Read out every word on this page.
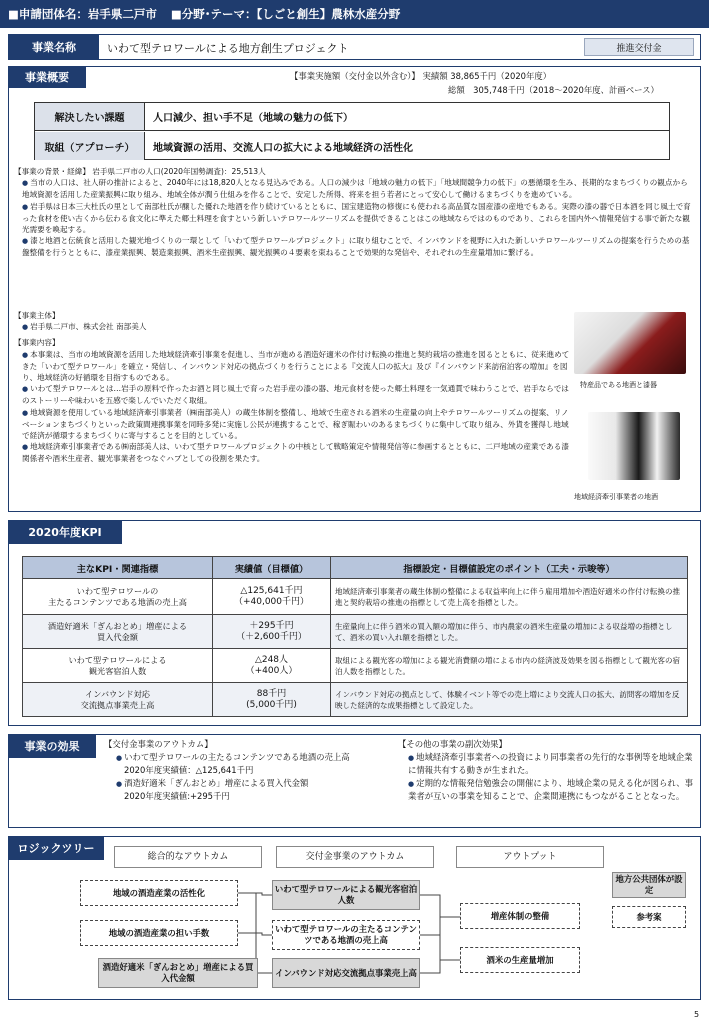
■申請団体名：岩手県二戸市 ■分野･テーマ：【しごと創生】農林水産分野
事業名称	いわて型テロワールによる地方創生プロジェクト	推進交付金
事業概要	【事業実施額（交付金以外含む）】 実績額 38,865千円（2020年度）
総額　305,748千円（2018～2020年度、計画ベース）
解決したい課題	人口減少、担い手不足（地域の魅力の低下）
取組（アプローチ）	地域資源の活用、交流人口の拡大による地域経済の活性化
【事業の背景・経緯】 岩手県二戸市の人口(2020年国勢調査)：25,513人
● 当市の人口は、社人研の推計によると、2040年には18,820人となる見込みである。人口の減少は「地域の魅力の低下」「地域間競争力の低下」の悪循環を生み、長期的なまちづくりの観点から地域資源を活用した産業振興に取り組み、地域全体が潤う仕組みを作ることで、安定した所得、将来を担う若者にとって安心して働けるまちづくりを進めている。
● 岩手県は日本三大杜氏の里として南部杜氏が醸した優れた地酒を作り続けているとともに、国宝建造物の修復にも使われる高品質な国産漆の産地でもある。実際の漆の器で日本酒を同じ風土で育った食材を使い古くから伝わる食文化に準えた郷土料理を食すという新しいテロワールツーリズムを提供できることはこの地域ならではのものであり、これらを国内外へ情報発信する事で新たな観光需要を喚起する。
● 漆と地酒と伝統食と活用した観光地づくりの一環として「いわて型テロワールプロジェクト」に取り組むことで、インバウンドを視野に入れた新しいテロワールツーリズムの提案を行うための基盤整備を行うとともに、漆産業振興、製造業振興、酒米生産振興、観光振興の４要素を束ねることで効果的な発信や、それぞれの生産量増加に繋げる。
【事業主体】
● 岩手県二戸市、株式会社 南部美人
【事業内容】
● 本事業は、当市の地域資源を活用した地域経済牽引事業を促進し、当市が進める酒造好適米の作付け転換の推進と契約栽培の推進を図るとともに、従来進めてきた「いわて型テロワール」を確立・発信し、インバウンド対応の拠点づくりを行うことによる『交流人口の拡大』及び『インバウンド来訪宿泊客の増加』を図り、地域経済の好循環を目指すものである。
● いわて型テロワールとは…岩手の原料で作ったお酒と同じ風土で育った岩手産の漆の器、地元食材を使った郷土料理を一気通貫で味わうことで、岩手ならではのストーリーや味わいを五感で楽しんでいただく取組。
● 地域資源を使用している地域経済牽引事業者（㈱南部美人）の蔵生体制を整備し、地域で生産される酒米の生産量の向上やテロワールツーリズムの提案、リノベーションまちづくりといった政策間連携事業を同時多発に実施し公民が連携することで、稼ぎ賑わいのあるまちづくりに集中して取り組み、外貨を獲得し地域で経済が循環するまちづくりに寄与することを目的としている。
● 地域経済牽引事業者である㈱南部美人は、いわて型テロワールプロジェクトの中核として戦略策定や情報発信等に参画するとともに、二戸地域の産業である漆関係者や酒米生産者、観光事業者をつなぐハブとしての役割を果たす。
特産品である地酒と漆器
地域経済牽引事業者の地酒
2020年度KPI
主なKPI・関連指標	実績値（目標値）	指標設定・目標値設定のポイント（工夫・示唆等）
いわて型テロワールの
主たるコンテンツである地酒の売上高	△125,641千円
（+40,000千円）	地域経済牽引事業者の蔵生体制の整備による収益率向上に伴う雇用増加や酒造好適米の作付け転換の推進と契約栽培の推進の指標として売上高を指標とした。
酒造好適米「ぎんおとめ」増産による
買入代金額	＋295千円
（＋2,600千円）	生産量向上に伴う酒米の買入額の増加に伴う、市内農家の酒米生産量の増加による収益増の指標として、酒米の買い入れ額を指標とした。
いわて型テロワールによる
観光客宿泊人数	△248人
（+400人）	取組による観光客の増加による観光消費額の増による市内の経済波及効果を図る指標として観光客の宿泊人数を指標とした。
インバウンド対応
交流拠点事業売上高	88千円
(5,000千円)	インバウンド対応の拠点として、体験イベント等での売上増により交流人口の拡大、訪問客の増加を反映した経済的な成果指標として設定した。
事業の効果	【交付金事業のアウトカム】
● いわて型テロワールの主たるコンテンツである地酒の売上高
2020年度実績値：△125,641千円
● 酒造好適米「ぎんおとめ」増産による買入代金額
2020年度実績値:+295千円
【その他の事業の副次効果】
● 地域経済牽引事業者への投資により同事業者の先行的な事例等を地域企業に情報共有する動きが生まれた。
● 定期的な情報発信勉強会の開催により、地域企業の見える化が図られ、事業者が互いの事業を知ることで、企業間連携にもつながることとなった。
ロジックツリー
総合的なアウトカム	交付金事業のアウトカム	アウトプット
地方公共団体が設定
参考案
地域の酒造産業の活性化
地域の酒造産業の担い手数
酒造好適米「ぎんおとめ」増産による買入代金額
いわて型テロワールによる観光客宿泊人数
いわて型テロワールの主たるコンテンツである地酒の売上高
インバウンド対応交流拠点事業売上高
増産体制の整備
酒米の生産量増加
5
